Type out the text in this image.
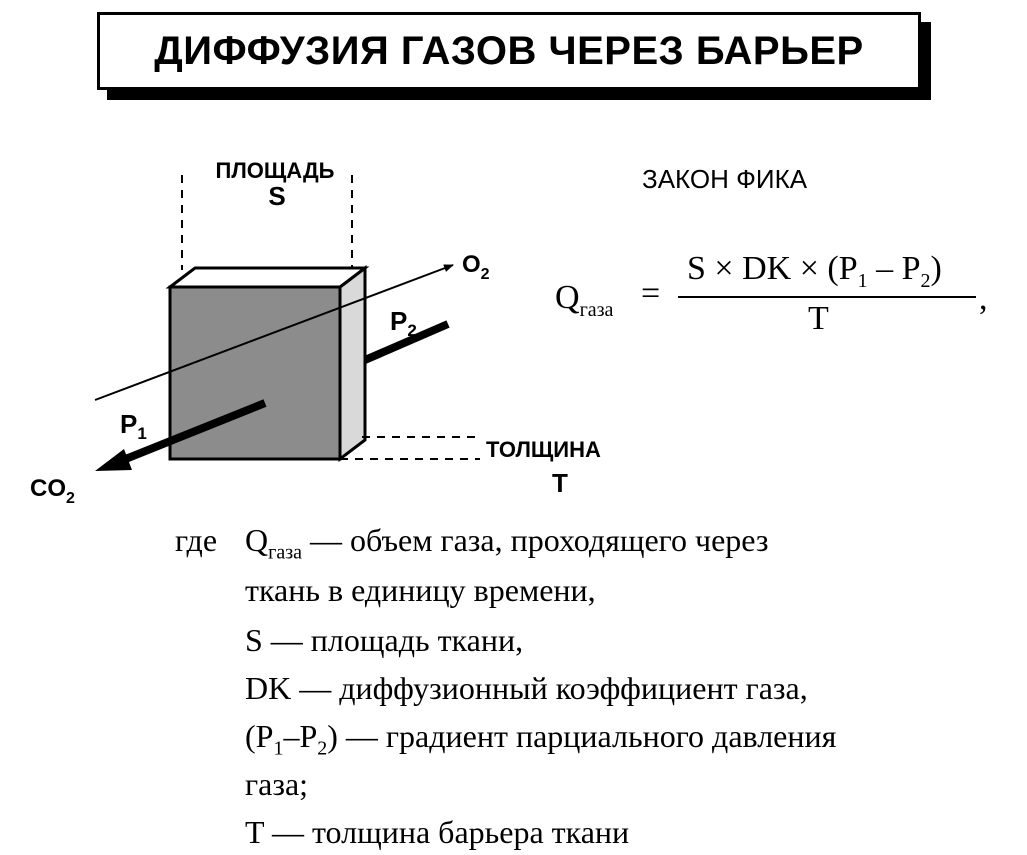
ДИФФУЗИЯ ГАЗОВ ЧЕРЕЗ БАРЬЕР
ПЛОЩАДЬ
S
$O_2$
$P_2$
$P_1$
$CO_2$
ТОЛЩИНА
T
ЗАКОН ФИКА
$Q_{газа}$ =
S × DK × $(P_1 - P_2)$
T
,
где $Q_{газа}$ — объем газа, проходящего через
ткань в единицу времени,
S — площадь ткани,
DK — диффузионный коэффициент газа,
$(P_1-P_2)$ — градиент парциального давления
газа;
T — толщина барьера ткани
